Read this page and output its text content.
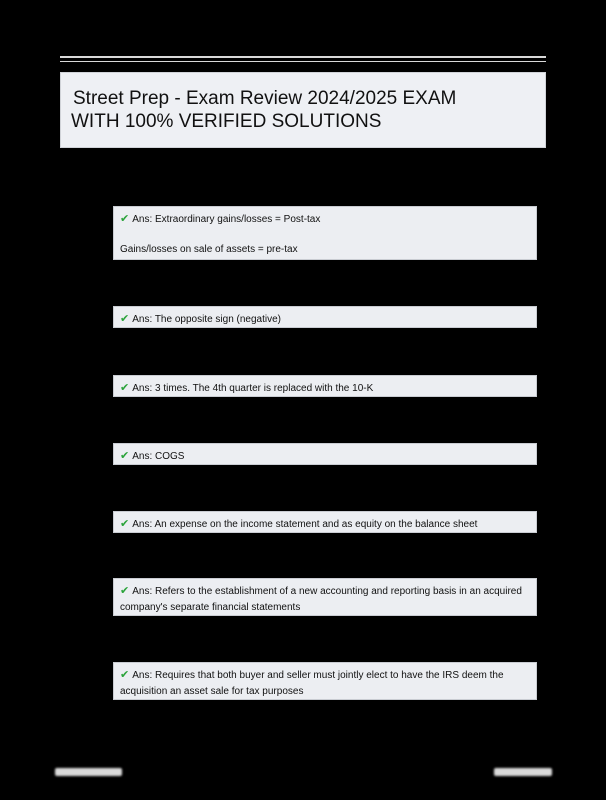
Street Prep - Exam Review 2024/2025 EXAM
WITH 100% VERIFIED SOLUTIONS
✔ Ans: Extraordinary gains/losses = Post-tax
Gains/losses on sale of assets = pre-tax
✔ Ans: The opposite sign (negative)
✔ Ans: 3 times. The 4th quarter is replaced with the 10-K
✔ Ans: COGS
✔ Ans: An expense on the income statement and as equity on the balance sheet
✔ Ans: Refers to the establishment of a new accounting and reporting basis in an acquired company's separate financial statements
✔ Ans: Requires that both buyer and seller must jointly elect to have the IRS deem the acquisition an asset sale for tax purposes
